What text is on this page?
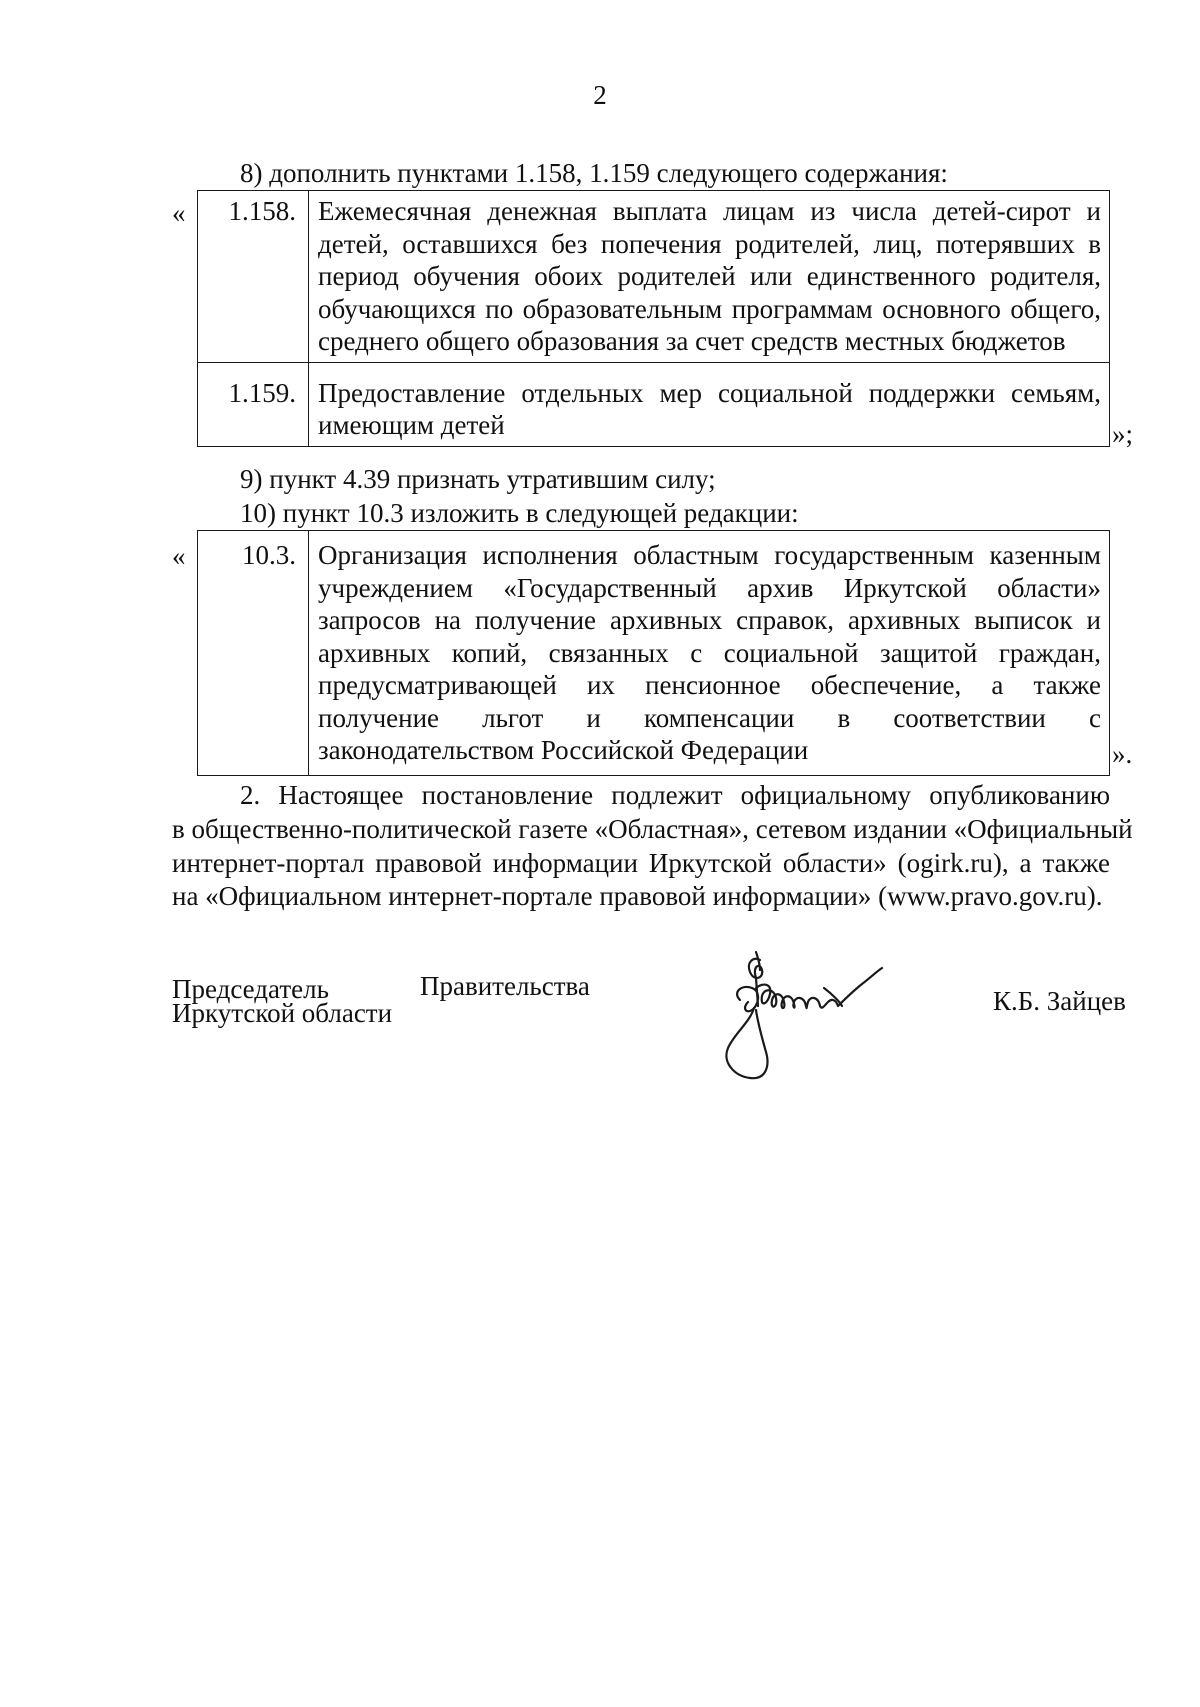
2
8) дополнить пунктами 1.158, 1.159 следующего содержания:
« 1.158.	Ежемесячная денежная выплата лицам из числа детей-сирот и
детей, оставшихся без попечения родителей, лиц, потерявших в
период обучения обоих родителей или единственного родителя,
обучающихся по образовательным программам основного общего,
среднего общего образования за счет средств местных бюджетов

1.159.	Предоставление отдельных мер социальной поддержки семьям,
имеющим детей	»;
9) пункт 4.39 признать утратившим силу;
10) пункт 10.3 изложить в следующей редакции:
« 10.3.	Организация исполнения областным государственным казенным
учреждением «Государственный архив Иркутской области»
запросов на получение архивных справок, архивных выписок и
архивных копий, связанных с социальной защитой граждан,
предусматривающей их пенсионное обеспечение, а также
получение льгот и компенсации в соответствии с
законодательством Российской Федерации	».
2. Настоящее постановление подлежит официальному опубликованию
в общественно-политической газете «Областная», сетевом издании «Официальный
интернет-портал правовой информации Иркутской области» (ogirk.ru), а также
на «Официальном интернет-портале правовой информации» (www.pravo.gov.ru).
Председатель	Правительства
Иркутской области	К.Б. Зайцев
